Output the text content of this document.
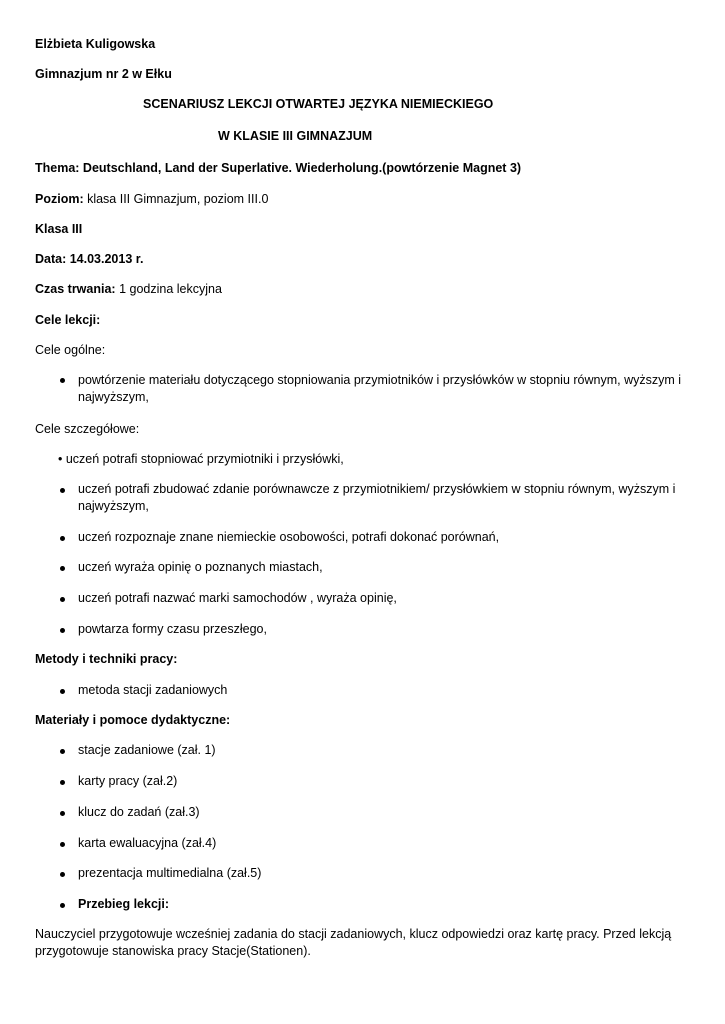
Elżbieta Kuligowska
Gimnazjum nr 2 w Ełku
SCENARIUSZ LEKCJI OTWARTEJ JĘZYKA NIEMIECKIEGO
W KLASIE III GIMNAZJUM
Thema: Deutschland, Land der Superlative. Wiederholung.(powtórzenie Magnet 3)
Poziom: klasa III Gimnazjum, poziom III.0
Klasa III
Data: 14.03.2013 r.
Czas trwania: 1 godzina lekcyjna
Cele lekcji:
Cele ogólne:
powtórzenie materiału dotyczącego stopniowania przymiotników i przysłówków w stopniu równym, wyższym i najwyższym,
Cele szczegółowe:
• uczeń potrafi stopniować przymiotniki i przysłówki,
uczeń potrafi zbudować zdanie porównawcze z przymiotnikiem/ przysłówkiem w stopniu równym, wyższym i najwyższym,
uczeń rozpoznaje znane niemieckie osobowości, potrafi dokonać porównań,
uczeń wyraża opinię o poznanych miastach,
uczeń potrafi nazwać marki samochodów , wyraża opinię,
powtarza formy czasu przeszłego,
Metody i techniki pracy:
metoda stacji zadaniowych
Materiały i pomoce dydaktyczne:
stacje zadaniowe (zał. 1)
karty pracy (zał.2)
klucz do zadań (zał.3)
karta ewaluacyjna (zał.4)
prezentacja multimedialna (zał.5)
Przebieg lekcji:
Nauczyciel przygotowuje wcześniej zadania do stacji zadaniowych, klucz odpowiedzi oraz kartę pracy. Przed lekcją przygotowuje stanowiska pracy Stacje(Stationen).
